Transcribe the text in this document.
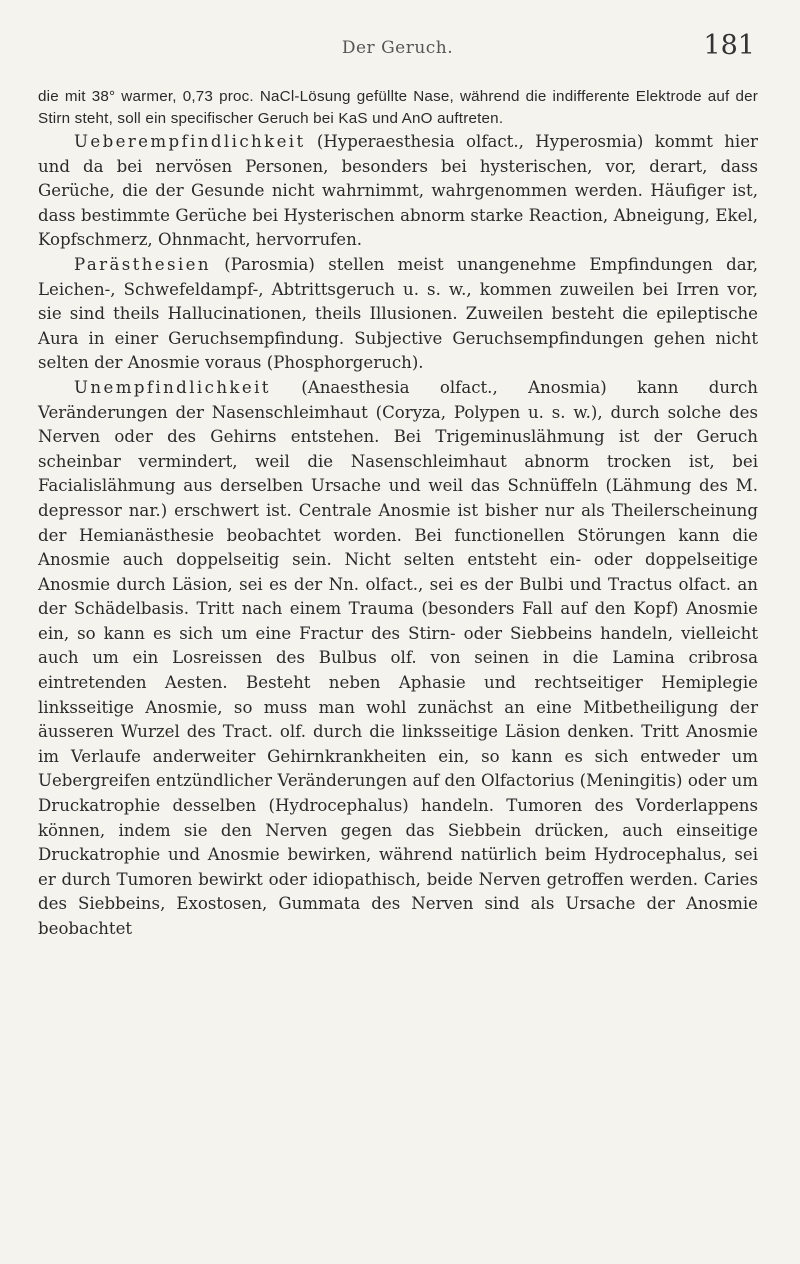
Der Geruch.	181

die mit 38° warmer, 0,73 proc. NaCl-Lösung gefüllte Nase, während die indifferente Elektrode auf der Stirn steht, soll ein specifischer Geruch bei KaS und AnO auftreten.

Ueberempfindlichkeit (Hyperaesthesia olfact., Hyperosmia) kommt hier und da bei nervösen Personen, besonders bei hysterischen, vor, derart, dass Gerüche, die der Gesunde nicht wahrnimmt, wahrgenommen werden. Häufiger ist, dass bestimmte Gerüche bei Hysterischen abnorm starke Reaction, Abneigung, Ekel, Kopfschmerz, Ohnmacht, hervorrufen.

Parästhesien (Parosmia) stellen meist unangenehme Empfindungen dar, Leichen-, Schwefeldampf-, Abtrittsgeruch u. s. w., kommen zuweilen bei Irren vor, sie sind theils Hallucinationen, theils Illusionen. Zuweilen besteht die epileptische Aura in einer Geruchsempfindung. Subjective Geruchsempfindungen gehen nicht selten der Anosmie voraus (Phosphorgeruch).

Unempfindlichkeit (Anaesthesia olfact., Anosmia) kann durch Veränderungen der Nasenschleimhaut (Coryza, Polypen u. s. w.), durch solche des Nerven oder des Gehirns entstehen. Bei Trigeminuslähmung ist der Geruch scheinbar vermindert, weil die Nasenschleimhaut abnorm trocken ist, bei Facialislähmung aus derselben Ursache und weil das Schnüffeln (Lähmung des M. depressor nar.) erschwert ist. Centrale Anosmie ist bisher nur als Theilerscheinung der Hemianästhesie beobachtet worden. Bei functionellen Störungen kann die Anosmie auch doppelseitig sein. Nicht selten entsteht ein- oder doppelseitige Anosmie durch Läsion, sei es der Nn. olfact., sei es der Bulbi und Tractus olfact. an der Schädelbasis. Tritt nach einem Trauma (besonders Fall auf den Kopf) Anosmie ein, so kann es sich um eine Fractur des Stirn- oder Siebbeins handeln, vielleicht auch um ein Losreissen des Bulbus olf. von seinen in die Lamina cribrosa eintretenden Aesten. Besteht neben Aphasie und rechtseitiger Hemiplegie linksseitige Anosmie, so muss man wohl zunächst an eine Mitbetheiligung der äusseren Wurzel des Tract. olf. durch die linksseitige Läsion denken. Tritt Anosmie im Verlaufe anderweiter Gehirnkrankheiten ein, so kann es sich entweder um Uebergreifen entzündlicher Veränderungen auf den Olfactorius (Meningitis) oder um Druckatrophie desselben (Hydrocephalus) handeln. Tumoren des Vorderlappens können, indem sie den Nerven gegen das Siebbein drücken, auch einseitige Druckatrophie und Anosmie bewirken, während natürlich beim Hydrocephalus, sei er durch Tumoren bewirkt oder idiopathisch, beide Nerven getroffen werden. Caries des Siebbeins, Exostosen, Gummata des Nerven sind als Ursache der Anosmie beobachtet
